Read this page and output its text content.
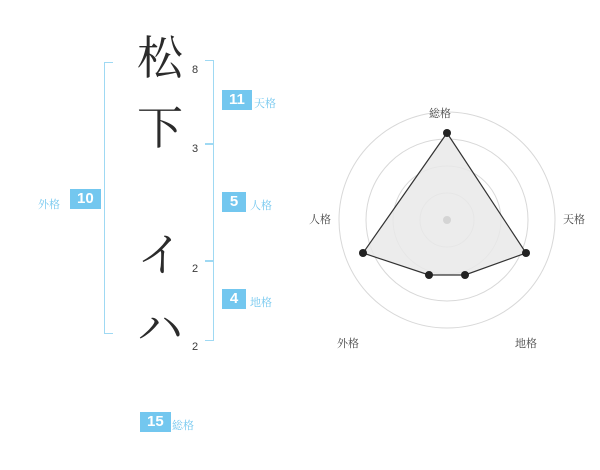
松 8
下 3
イ 2
ハ 2
外格	10
11 天格
5	人格
4	地格
15 総格
総格
天格
地格
外格
人格
